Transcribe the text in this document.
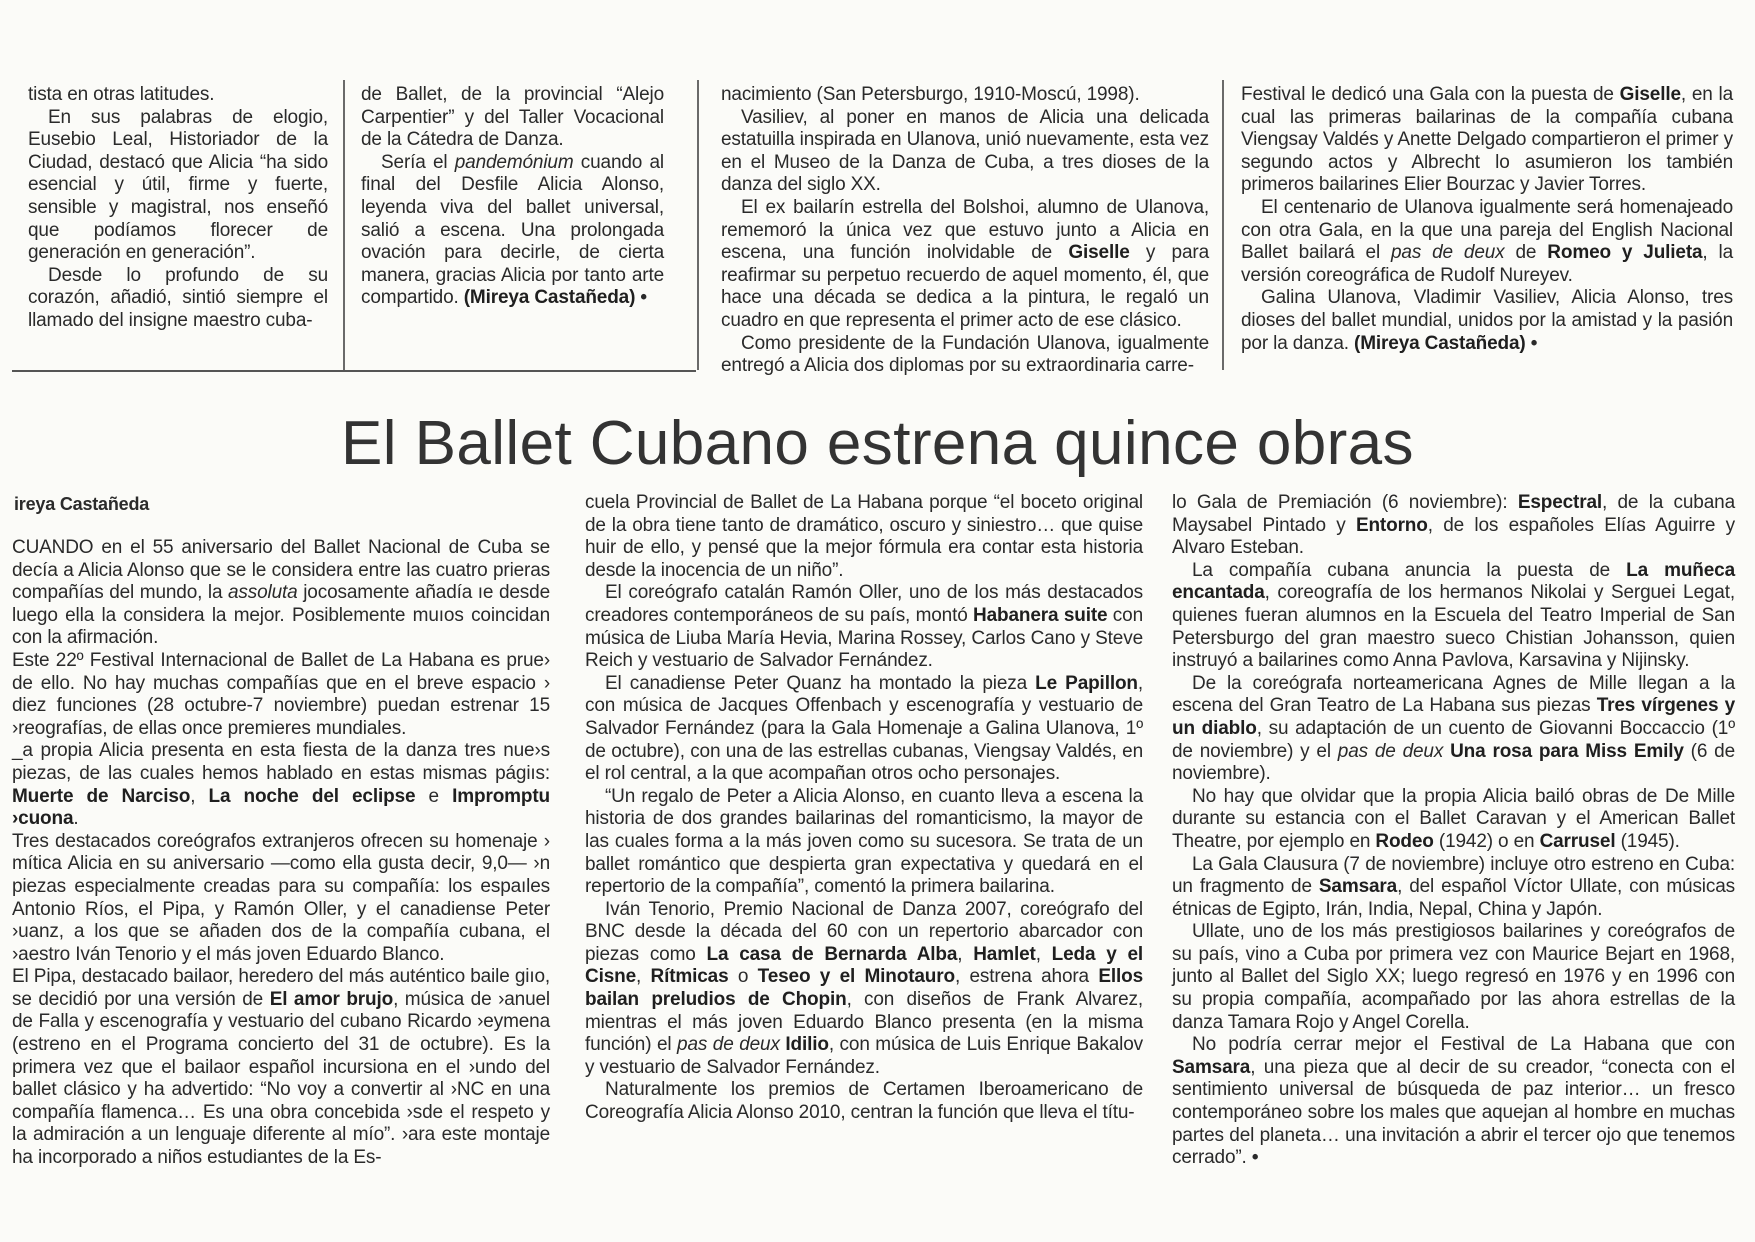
tista en otras latitudes.

En sus palabras de elogio, Eusebio Leal, Historiador de la Ciudad, destacó que Alicia “ha sido esencial y útil, firme y fuerte, sensible y magistral, nos enseñó que podíamos florecer de generación en generación”.

Desde lo profundo de su corazón, añadió, sintió siempre el llamado del insigne maestro cuba-

de Ballet, de la provincial “Alejo Carpentier” y del Taller Vocacional de la Cátedra de Danza.

Sería el pandemónium cuando al final del Desfile Alicia Alonso, leyenda viva del ballet universal, salió a escena. Una prolongada ovación para decirle, de cierta manera, gracias Alicia por tanto arte compartido. (Mireya Castañeda) •

nacimiento (San Petersburgo, 1910-Moscú, 1998).

Vasiliev, al poner en manos de Alicia una delicada estatuilla inspirada en Ulanova, unió nuevamente, esta vez en el Museo de la Danza de Cuba, a tres dioses de la danza del siglo XX.

El ex bailarín estrella del Bolshoi, alumno de Ulanova, rememoró la única vez que estuvo junto a Alicia en escena, una función inolvidable de Giselle y para reafirmar su perpetuo recuerdo de aquel momento, él, que hace una década se dedica a la pintura, le regaló un cuadro en que representa el primer acto de ese clásico.

Como presidente de la Fundación Ulanova, igualmente entregó a Alicia dos diplomas por su extraordinaria carre-

Festival le dedicó una Gala con la puesta de Giselle, en la cual las primeras bailarinas de la compañía cubana Viengsay Valdés y Anette Delgado compartieron el primer y segundo actos y Albrecht lo asumieron los también primeros bailarines Elier Bourzac y Javier Torres.

El centenario de Ulanova igualmente será homenajeado con otra Gala, en la que una pareja del English Nacional Ballet bailará el pas de deux de Romeo y Julieta, la versión coreográfica de Rudolf Nureyev.

Galina Ulanova, Vladimir Vasiliev, Alicia Alonso, tres dioses del ballet mundial, unidos por la amistad y la pasión por la danza. (Mireya Castañeda) •

El Ballet Cubano estrena quince obras
ireya Castañeda

CUANDO en el 55 aniversario del Ballet Nacional de Cuba se decía a Alicia Alonso que se le considera entre las cuatro prieras compañías del mundo, la assoluta jocosamente añadía ıe desde luego ella la considera la mejor. Posiblemente muıos coincidan con la afirmación.

Este 22º Festival Internacional de Ballet de La Habana es prue› de ello. No hay muchas compañías que en el breve espacio › diez funciones (28 octubre-7 noviembre) puedan estrenar 15 ›reografías, de ellas once premieres mundiales.

_a propia Alicia presenta en esta fiesta de la danza tres nue›s piezas, de las cuales hemos hablado en estas mismas págiıs: Muerte de Narciso, La noche del eclipse e Impromptu ›cuona.

Tres destacados coreógrafos extranjeros ofrecen su homenaje › mítica Alicia en su aniversario —como ella gusta decir, 9,0— ›n piezas especialmente creadas para su compañía: los espaıles Antonio Ríos, el Pipa, y Ramón Oller, y el canadiense Peter ›uanz, a los que se añaden dos de la compañía cubana, el ›aestro Iván Tenorio y el más joven Eduardo Blanco.

El Pipa, destacado bailaor, heredero del más auténtico baile giıo, se decidió por una versión de El amor brujo, música de ›anuel de Falla y escenografía y vestuario del cubano Ricardo ›eymena (estreno en el Programa concierto del 31 de octubre). Es la primera vez que el bailaor español incursiona en el ›undo del ballet clásico y ha advertido: “No voy a convertir al ›NC en una compañía flamenca… Es una obra concebida ›sde el respeto y la admiración a un lenguaje diferente al mío”. ›ara este montaje ha incorporado a niños estudiantes de la Es-

cuela Provincial de Ballet de La Habana porque “el boceto original de la obra tiene tanto de dramático, oscuro y siniestro… que quise huir de ello, y pensé que la mejor fórmula era contar esta historia desde la inocencia de un niño”.

El coreógrafo catalán Ramón Oller, uno de los más destacados creadores contemporáneos de su país, montó Habanera suite con música de Liuba María Hevia, Marina Rossey, Carlos Cano y Steve Reich y vestuario de Salvador Fernández.

El canadiense Peter Quanz ha montado la pieza Le Papillon, con música de Jacques Offenbach y escenografía y vestuario de Salvador Fernández (para la Gala Homenaje a Galina Ulanova, 1º de octubre), con una de las estrellas cubanas, Viengsay Valdés, en el rol central, a la que acompañan otros ocho personajes.

“Un regalo de Peter a Alicia Alonso, en cuanto lleva a escena la historia de dos grandes bailarinas del romanticismo, la mayor de las cuales forma a la más joven como su sucesora. Se trata de un ballet romántico que despierta gran expectativa y quedará en el repertorio de la compañía”, comentó la primera bailarina.

Iván Tenorio, Premio Nacional de Danza 2007, coreógrafo del BNC desde la década del 60 con un repertorio abarcador con piezas como La casa de Bernarda Alba, Hamlet, Leda y el Cisne, Rítmicas o Teseo y el Minotauro, estrena ahora Ellos bailan preludios de Chopin, con diseños de Frank Alvarez, mientras el más joven Eduardo Blanco presenta (en la misma función) el pas de deux Idilio, con música de Luis Enrique Bakalov y vestuario de Salvador Fernández.

Naturalmente los premios de Certamen Iberoamericano de Coreografía Alicia Alonso 2010, centran la función que lleva el títu-

lo Gala de Premiación (6 noviembre): Espectral, de la cubana Maysabel Pintado y Entorno, de los españoles Elías Aguirre y Alvaro Esteban.

La compañía cubana anuncia la puesta de La muñeca encantada, coreografía de los hermanos Nikolai y Serguei Legat, quienes fueran alumnos en la Escuela del Teatro Imperial de San Petersburgo del gran maestro sueco Chistian Johansson, quien instruyó a bailarines como Anna Pavlova, Karsavina y Nijinsky.

De la coreógrafa norteamericana Agnes de Mille llegan a la escena del Gran Teatro de La Habana sus piezas Tres vírgenes y un diablo, su adaptación de un cuento de Giovanni Boccaccio (1º de noviembre) y el pas de deux Una rosa para Miss Emily (6 de noviembre).

No hay que olvidar que la propia Alicia bailó obras de De Mille durante su estancia con el Ballet Caravan y el American Ballet Theatre, por ejemplo en Rodeo (1942) o en Carrusel (1945).

La Gala Clausura (7 de noviembre) incluye otro estreno en Cuba: un fragmento de Samsara, del español Víctor Ullate, con músicas étnicas de Egipto, Irán, India, Nepal, China y Japón.

Ullate, uno de los más prestigiosos bailarines y coreógrafos de su país, vino a Cuba por primera vez con Maurice Bejart en 1968, junto al Ballet del Siglo XX; luego regresó en 1976 y en 1996 con su propia compañía, acompañado por las ahora estrellas de la danza Tamara Rojo y Angel Corella.

No podría cerrar mejor el Festival de La Habana que con Samsara, una pieza que al decir de su creador, “conecta con el sentimiento universal de búsqueda de paz interior… un fresco contemporáneo sobre los males que aquejan al hombre en muchas partes del planeta… una invitación a abrir el tercer ojo que tenemos cerrado”. •
